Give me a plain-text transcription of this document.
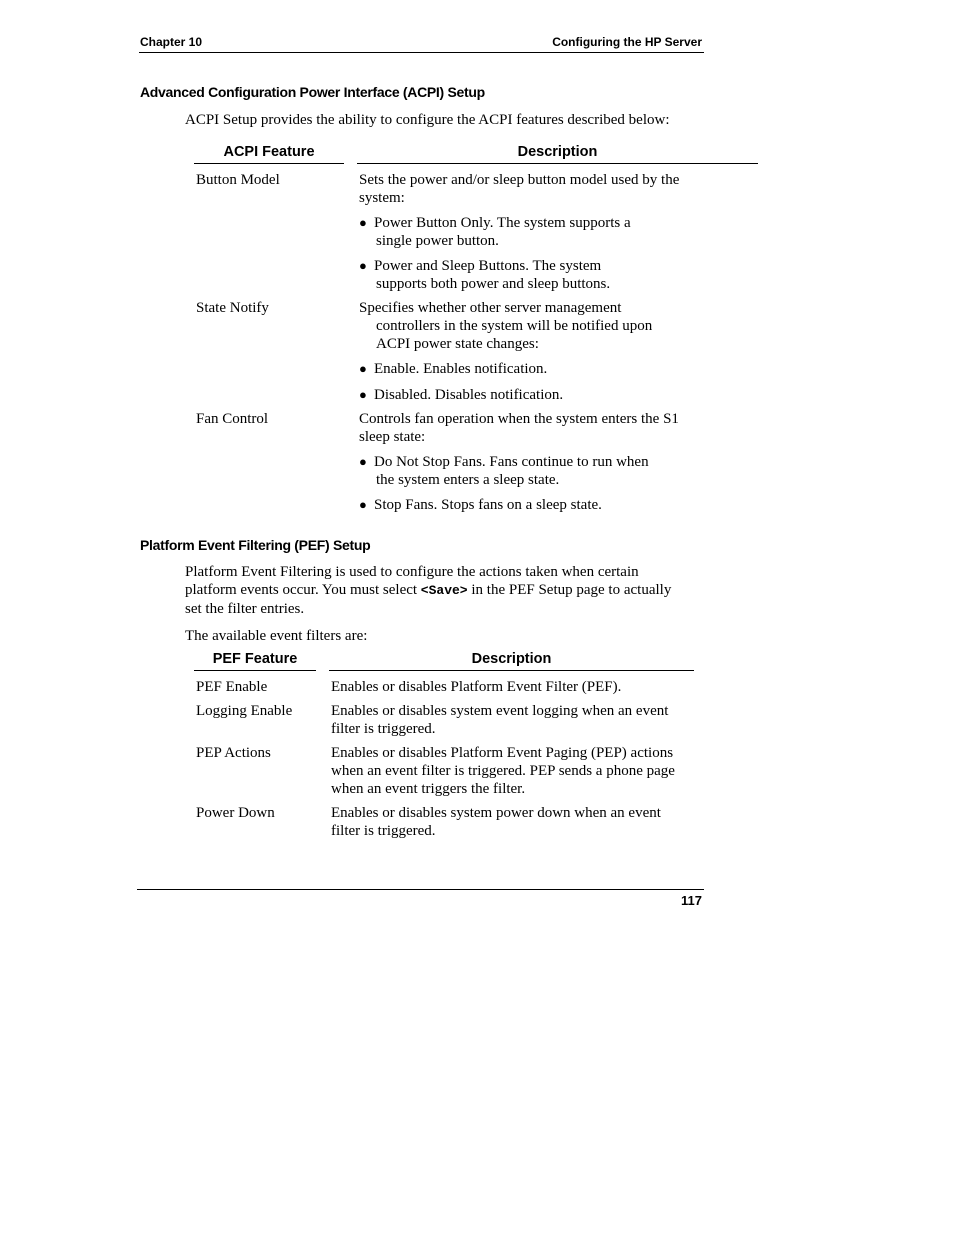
Chapter 10	Configuring the HP Server
Advanced Configuration Power Interface (ACPI) Setup
ACPI Setup provides the ability to configure the ACPI features described below:
ACPI Feature	Description
Button Model	Sets the power and/or sleep button model used by the
system:
● Power Button Only. The system supports a
single power button.
● Power and Sleep Buttons. The system
supports both power and sleep buttons.
State Notify	Specifies whether other server management
controllers in the system will be notified upon
ACPI power state changes:
● Enable. Enables notification.
● Disabled. Disables notification.
Fan Control	Controls fan operation when the system enters the S1
sleep state:
● Do Not Stop Fans. Fans continue to run when
the system enters a sleep state.
● Stop Fans. Stops fans on a sleep state.
Platform Event Filtering (PEF) Setup
Platform Event Filtering is used to configure the actions taken when certain
platform events occur. You must select <Save> in the PEF Setup page to actually
set the filter entries.
The available event filters are:
PEF Feature	Description
PEF Enable	Enables or disables Platform Event Filter (PEF).
Logging Enable	Enables or disables system event logging when an event
filter is triggered.
PEP Actions	Enables or disables Platform Event Paging (PEP) actions
when an event filter is triggered. PEP sends a phone page
when an event triggers the filter.
Power Down	Enables or disables system power down when an event
filter is triggered.
117
